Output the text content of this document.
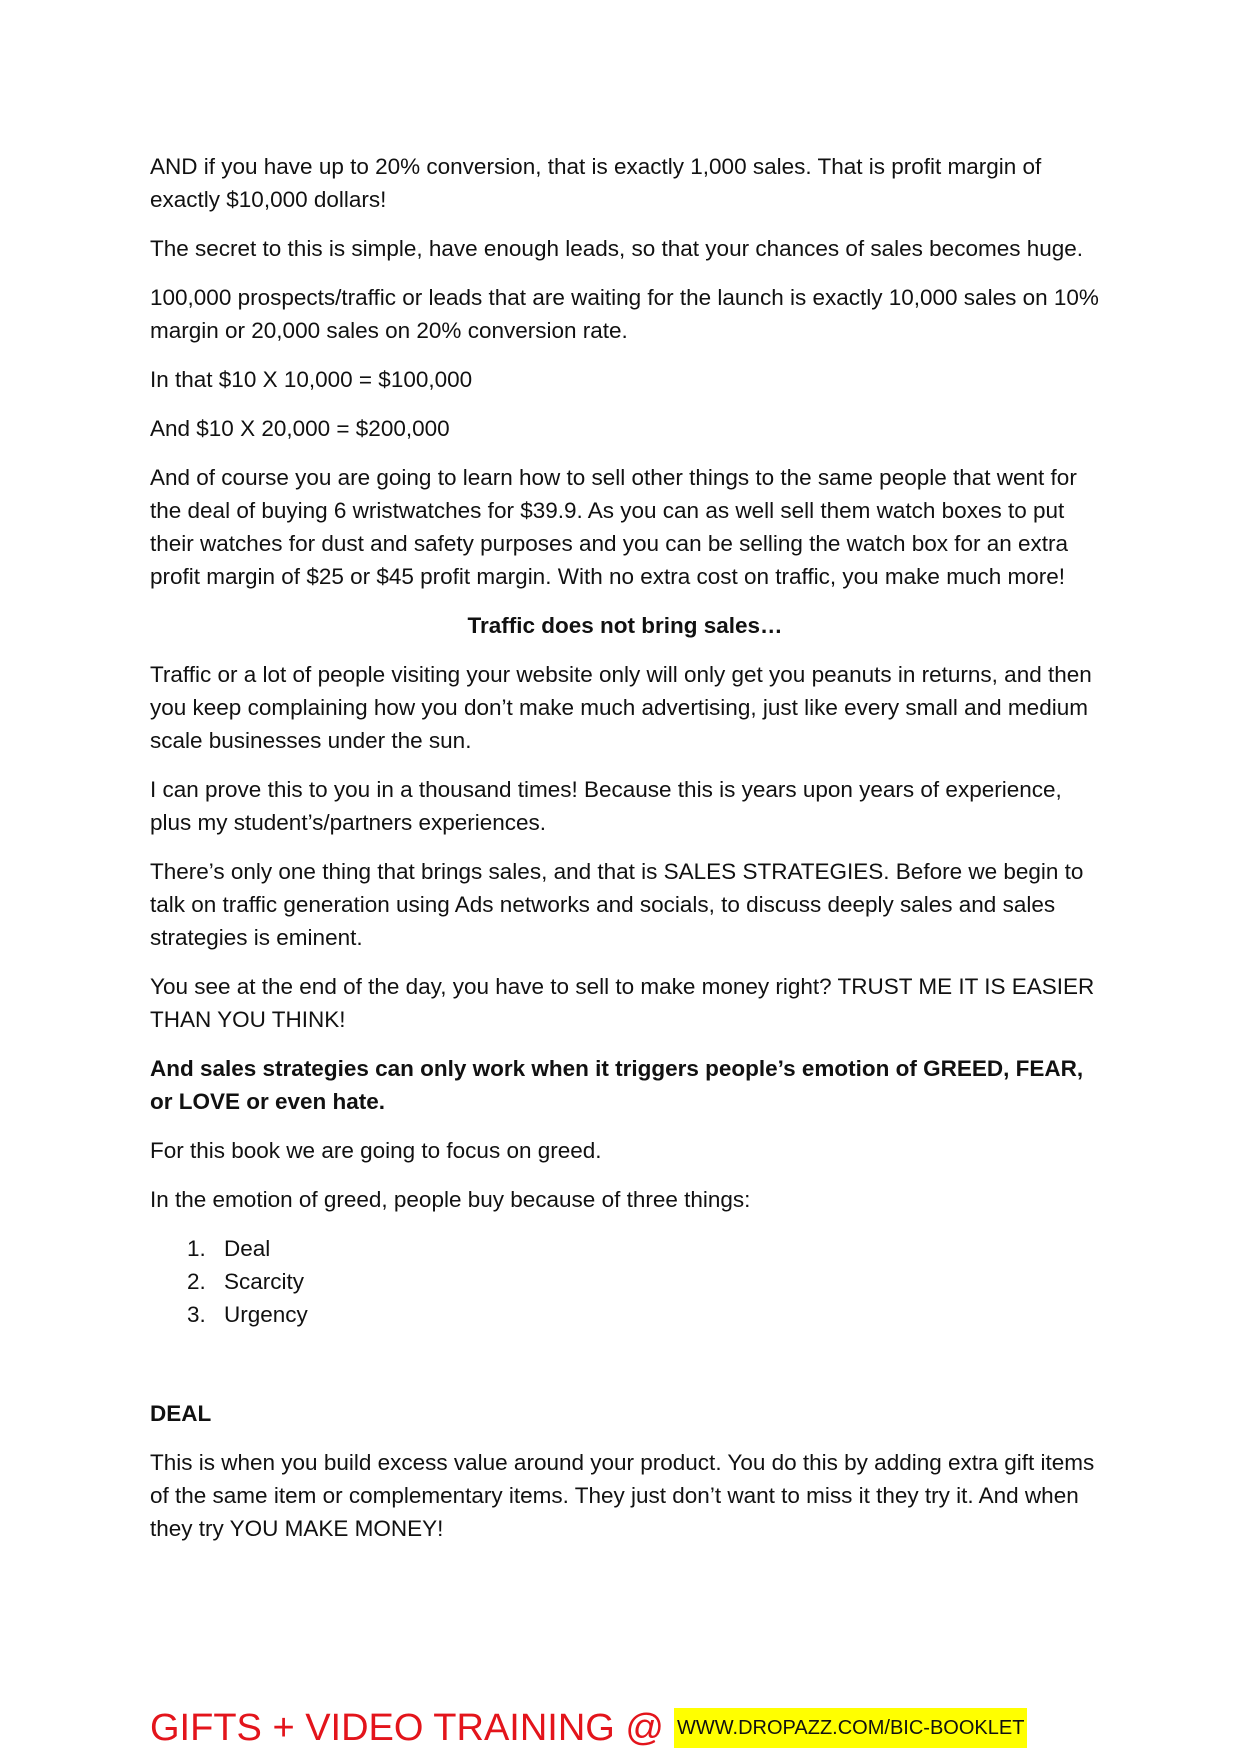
AND if you have up to 20% conversion, that is exactly 1,000 sales. That is profit margin of exactly $10,000 dollars!

The secret to this is simple, have enough leads, so that your chances of sales becomes huge.

100,000 prospects/traffic or leads that are waiting for the launch is exactly 10,000 sales on 10% margin or 20,000 sales on 20% conversion rate.

In that $10 X 10,000 = $100,000

And $10 X 20,000 = $200,000

And of course you are going to learn how to sell other things to the same people that went for the deal of buying 6 wristwatches for $39.9. As you can as well sell them watch boxes to put their watches for dust and safety purposes and you can be selling the watch box for an extra profit margin of $25 or $45 profit margin. With no extra cost on traffic, you make much more!

Traffic does not bring sales…

Traffic or a lot of people visiting your website only will only get you peanuts in returns, and then you keep complaining how you don’t make much advertising, just like every small and medium scale businesses under the sun.

I can prove this to you in a thousand times! Because this is years upon years of experience, plus my student’s/partners experiences.

There’s only one thing that brings sales, and that is SALES STRATEGIES. Before we begin to talk on traffic generation using Ads networks and socials, to discuss deeply sales and sales strategies is eminent.

You see at the end of the day, you have to sell to make money right? TRUST ME IT IS EASIER THAN YOU THINK!

And sales strategies can only work when it triggers people’s emotion of GREED, FEAR, or LOVE or even hate.

For this book we are going to focus on greed.

In the emotion of greed, people buy because of three things:

1. Deal
2. Scarcity
3. Urgency

DEAL

This is when you build excess value around your product. You do this by adding extra gift items of the same item or complementary items. They just don’t want to miss it they try it. And when they try YOU MAKE MONEY!

GIFTS + VIDEO TRAINING @ WWW.DROPAZZ.COM/BIC-BOOKLET
